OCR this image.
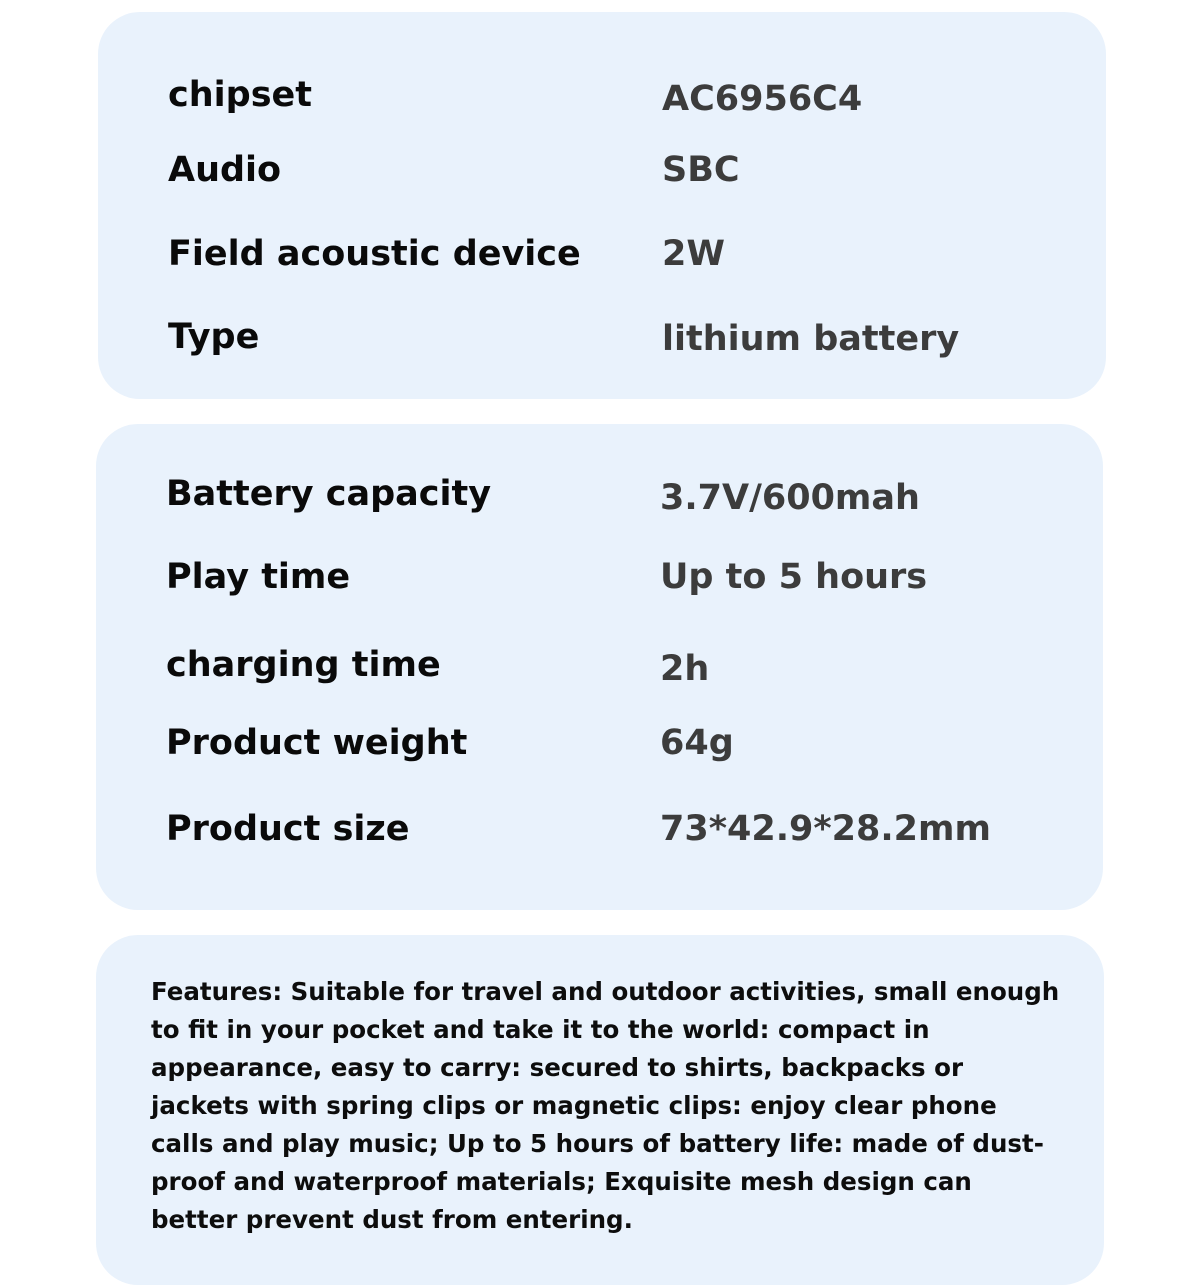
chipset	AC6956C4
Audio	SBC
Field acoustic device 2W
Type	lithium battery
Battery capacity	3.7V/600mah
Play time	Up to 5 hours
charging time	2h
Product weight	64g
Product size	73*42.9*28.2mm

Features: Suitable for travel and outdoor activities, small enough to fit in your pocket and take it to the world: compact in appearance, easy to carry: secured to shirts, backpacks or jackets with spring clips or magnetic clips: enjoy clear phone calls and play music; Up to 5 hours of battery life: made of dust-proof and waterproof materials; Exquisite mesh design can better prevent dust from entering.
